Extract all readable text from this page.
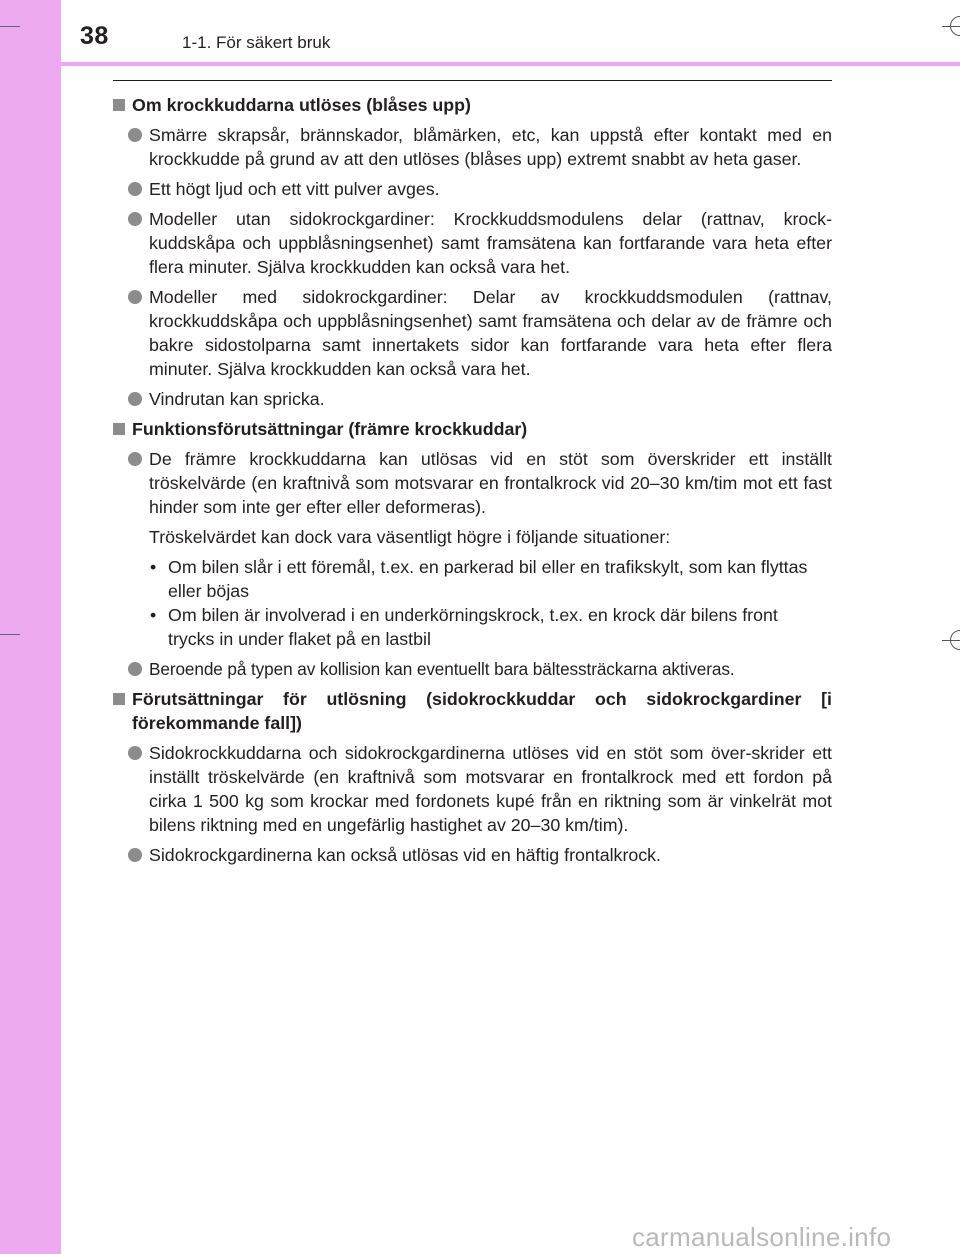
38	1-1. För säkert bruk
Om krockkuddarna utlöses (blåses upp)
Smärre skrapsår, brännskador, blåmärken, etc, kan uppstå efter kontakt med en krockkudde på grund av att den utlöses (blåses upp) extremt snabbt av heta gaser.
Ett högt ljud och ett vitt pulver avges.
Modeller utan sidokrockgardiner: Krockkuddsmodulens delar (rattnav, krock-kuddskåpa och uppblåsningsenhet) samt framsätena kan fortfarande vara heta efter flera minuter. Själva krockkudden kan också vara het.
Modeller med sidokrockgardiner: Delar av krockkuddsmodulen (rattnav, krockkuddskåpa och uppblåsningsenhet) samt framsätena och delar av de främre och bakre sidostolparna samt innertakets sidor kan fortfarande vara heta efter flera minuter. Själva krockkudden kan också vara het.
Vindrutan kan spricka.
Funktionsförutsättningar (främre krockkuddar)
De främre krockkuddarna kan utlösas vid en stöt som överskrider ett inställt tröskelvärde (en kraftnivå som motsvarar en frontalkrock vid 20–30 km/tim mot ett fast hinder som inte ger efter eller deformeras).
Tröskelvärdet kan dock vara väsentligt högre i följande situationer:
• Om bilen slår i ett föremål, t.ex. en parkerad bil eller en trafikskylt, som kan flyttas eller böjas
• Om bilen är involverad i en underkörningskrock, t.ex. en krock där bilens front trycks in under flaket på en lastbil
Beroende på typen av kollision kan eventuellt bara bältessträckarna aktiveras.
Förutsättningar för utlösning (sidokrockkuddar och sidokrockgardiner [i förekommande fall])
Sidokrockkuddarna och sidokrockgardinerna utlöses vid en stöt som över-skrider ett inställt tröskelvärde (en kraftnivå som motsvarar en frontalkrock med ett fordon på cirka 1 500 kg som krockar med fordonets kupé från en riktning som är vinkelrät mot bilens riktning med en ungefärlig hastighet av 20–30 km/tim).
Sidokrockgardinerna kan också utlösas vid en häftig frontalkrock.
carmanualsonline.info
